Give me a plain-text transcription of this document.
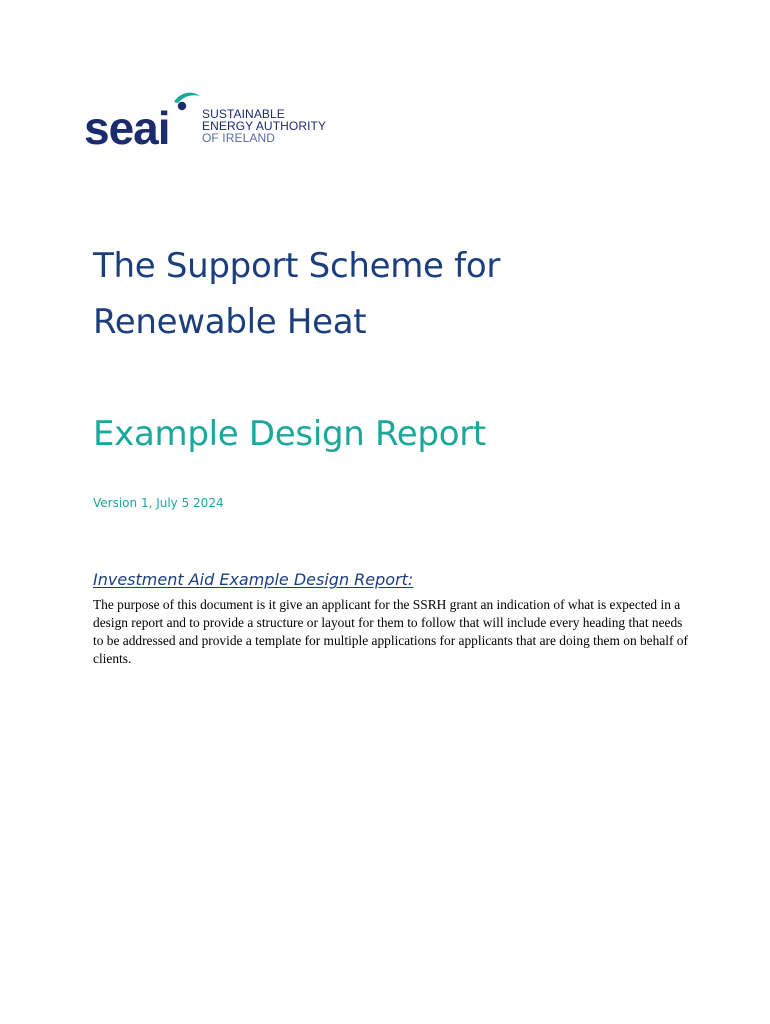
seai	SUSTAINABLE
ENERGY AUTHORITY
OF IRELAND
The Support Scheme for
Renewable Heat
Example Design Report
Version 1, July 5 2024
Investment Aid Example Design Report:

The purpose of this document is it give an applicant for the SSRH grant an indication of what is expected in a design report and to provide a structure or layout for them to follow that will include every heading that needs to be addressed and provide a template for multiple applications for applicants that are doing them on behalf of clients.
